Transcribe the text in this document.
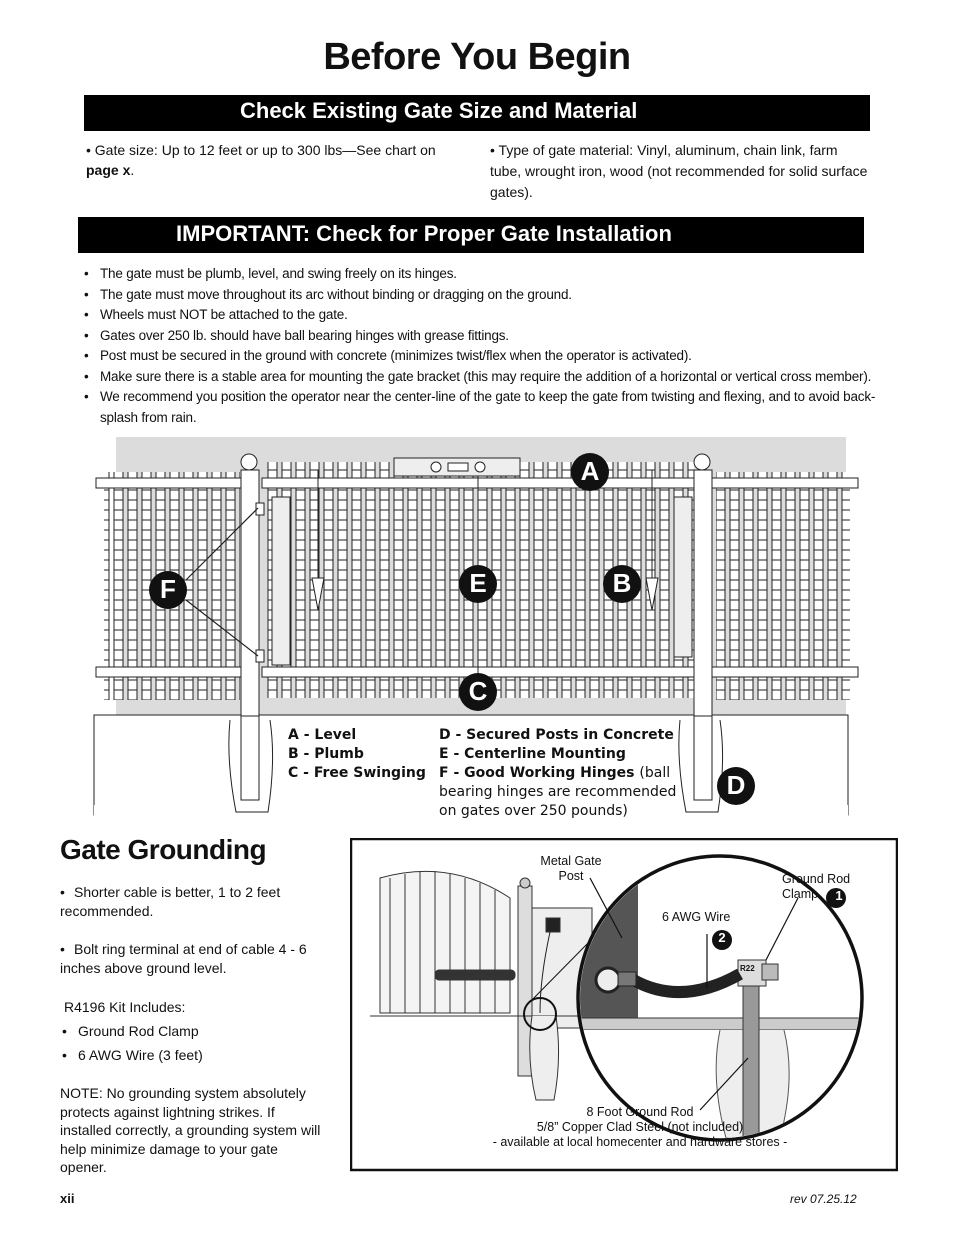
Before You Begin
Check Existing Gate Size and Material
• Gate size: Up to 12 feet or up to 300 lbs—See chart on page x.
• Type of gate material: Vinyl, aluminum, chain link, farm tube, wrought iron, wood (not recommended for solid surface gates).
IMPORTANT: Check for Proper Gate Installation
• The gate must be plumb, level, and swing freely on its hinges.
• The gate must move throughout its arc without binding or dragging on the ground.
• Wheels must NOT be attached to the gate.
• Gates over 250 lb. should have ball bearing hinges with grease fittings.
• Post must be secured in the ground with concrete (minimizes twist/flex when the operator is activated).
• Make sure there is a stable area for mounting the gate bracket (this may require the addition of a horizontal or vertical cross member).
• We recommend you position the operator near the center-line of the gate to keep the gate from twisting and flexing, and to avoid back-splash from rain.
A
B
C
D
E
F
A - Level
B - Plumb
C - Free Swinging
D - Secured Posts in Concrete
E - Centerline Mounting
F - Good Working Hinges (ball
bearing hinges are recommended
on gates over 250 pounds)
Gate Grounding
• Shorter cable is better, 1 to 2 feet recommended.
• Bolt ring terminal at end of cable 4 - 6 inches above ground level.
R4196 Kit Includes:
• Ground Rod Clamp
• 6 AWG Wire (3 feet)
NOTE: No grounding system absolutely protects against lightning strikes. If installed correctly, a grounding system will help minimize damage to your gate opener.
Metal Gate
Post	Ground Rod
Clamp
6 AWG Wire
1
2
R22
8 Foot Ground Rod
5/8” Copper Clad Steel (not included)
- available at local homecenter and hardware stores -
xii	rev 07.25.12
